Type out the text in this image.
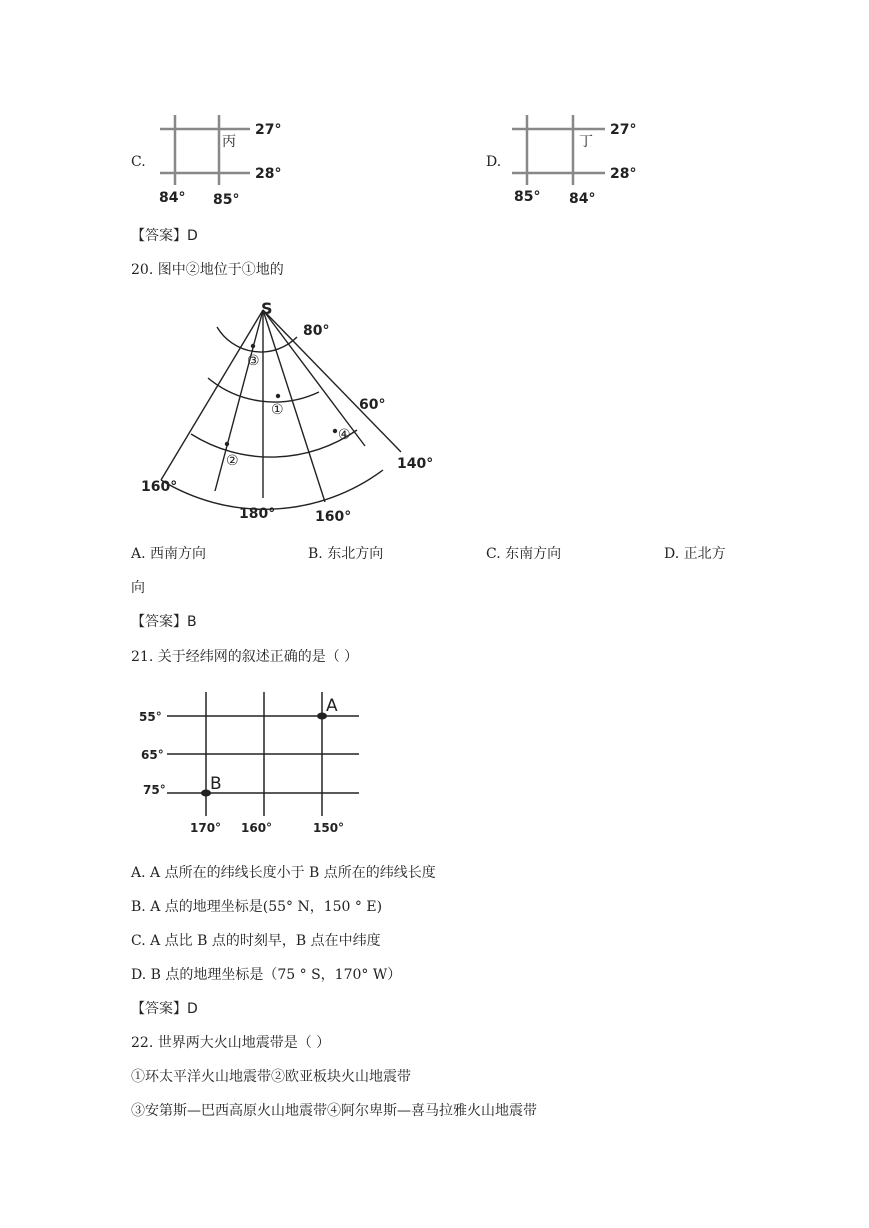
C.
27°
28°
84° 85°
丙
D.
27°
28°
85° 84°
丁
【答案】D
20. 图中②地位于①地的
S
80°
60°
160°
180°	160°
140°
③
①
②
④
A. 西南方向	B. 东北方向	C. 东南方向	D. 正北方
向
【答案】B
21. 关于经纬网的叙述正确的是（ ）
A
B
55°
65°
75°
170° 160°	150°
A. A 点所在的纬线长度小于 B 点所在的纬线长度
B. A 点的地理坐标是(55° N，150 ° E)
C. A 点比 B 点的时刻早，B 点在中纬度
D. B 点的地理坐标是（75 ° S，170° W）
【答案】D
22. 世界两大火山地震带是（ ）
①环太平洋火山地震带②欧亚板块火山地震带
③安第斯—巴西高原火山地震带④阿尔卑斯—喜马拉雅火山地震带
